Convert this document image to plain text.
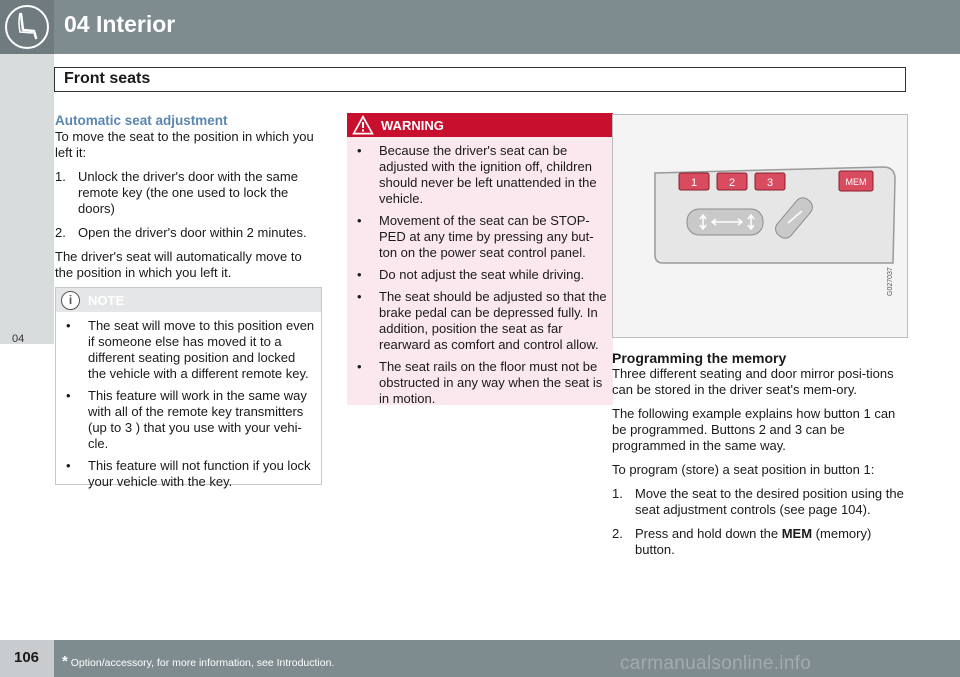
04 Interior
Front seats
04
Automatic seat adjustment

To move the seat to the position in which you left it:

1. Unlock the driver's door with the same remote key (the one used to lock the doors)
2. Open the driver's door within 2 minutes.

The driver's seat will automatically move to the position in which you left it.

i	NOTE
• The seat will move to this position even if someone else has moved it to a different seating position and locked the vehicle with a different remote key.
• This feature will work in the same way with all of the remote key transmitters (up to 3 ) that you use with your vehi-cle.
• This feature will not function if you lock your vehicle with the key.
WARNING
• Because the driver's seat can be adjusted with the ignition off, children should never be left unattended in the vehicle.
• Movement of the seat can be STOP-PED at any time by pressing any but-ton on the power seat control panel.
• Do not adjust the seat while driving.
• The seat should be adjusted so that the brake pedal can be depressed fully. In addition, position the seat as far rearward as comfort and control allow.
• The seat rails on the floor must not be obstructed in any way when the seat is in motion.
1	2	3	MEM
G027037
Programming the memory

Three different seating and door mirror posi-tions can be stored in the driver seat's mem-ory.

The following example explains how button 1 can be programmed. Buttons 2 and 3 can be programmed in the same way.

To program (store) a seat position in button 1:

1. Move the seat to the desired position using the seat adjustment controls (see page 104).
2. Press and hold down the MEM (memory) button.
106 * Option/accessory, for more information, see Introduction.	carmanualsonline.info
